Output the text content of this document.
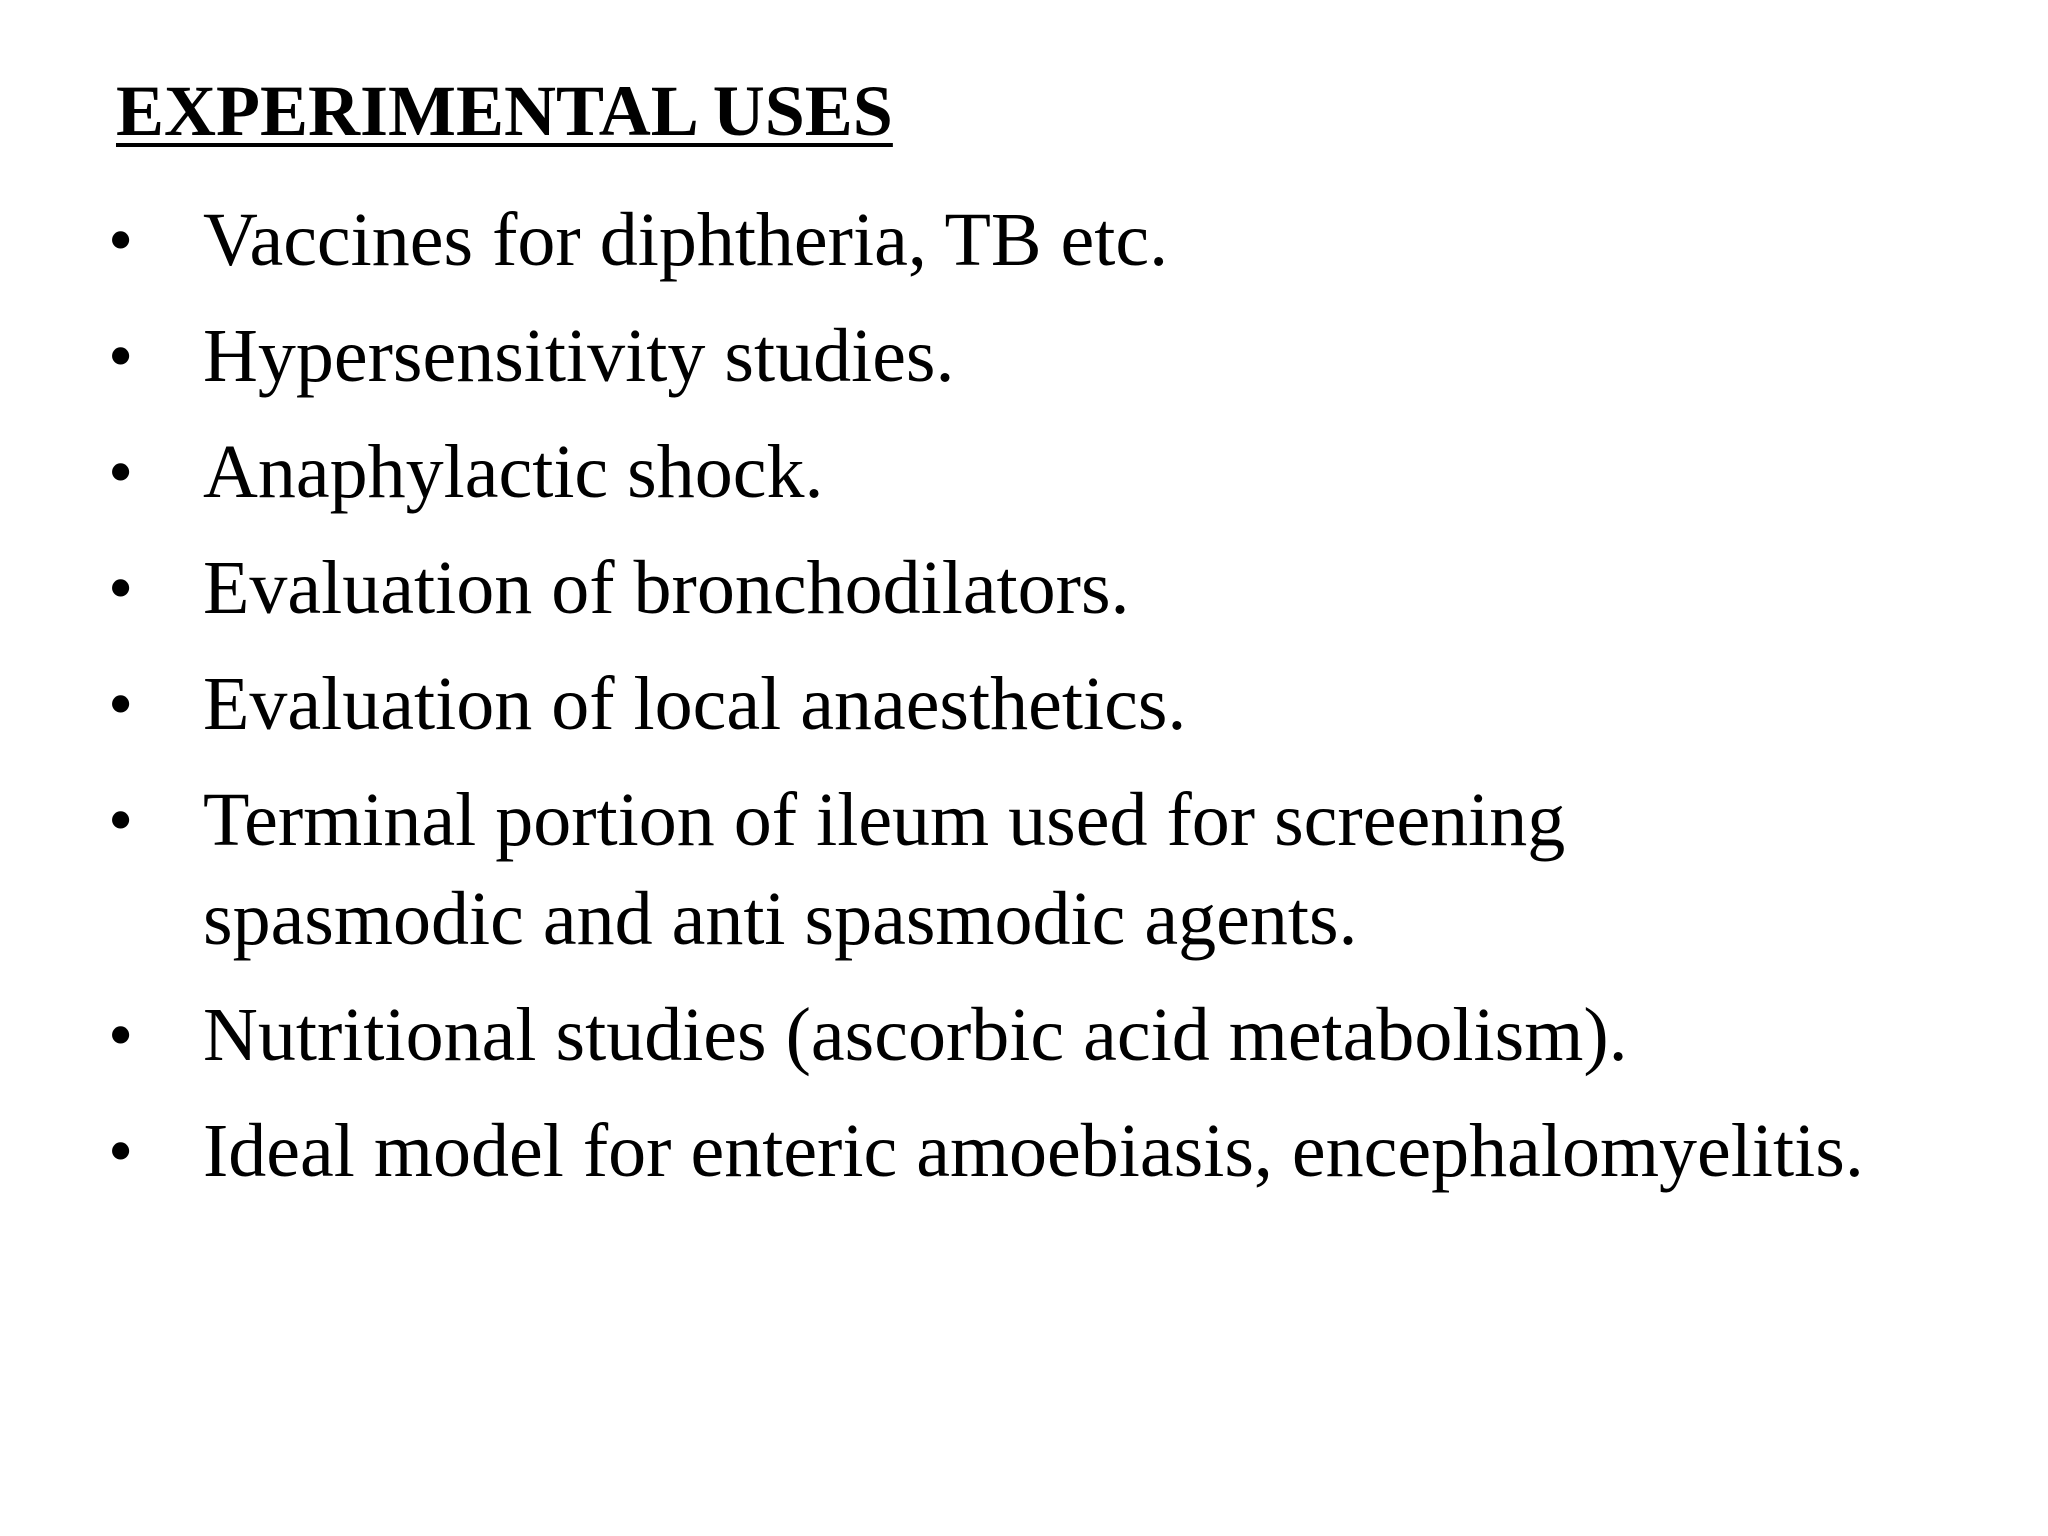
EXPERIMENTAL USES
• Vaccines for diphtheria, TB etc.
• Hypersensitivity studies.
• Anaphylactic shock.
• Evaluation of bronchodilators.
• Evaluation of local anaesthetics.
• Terminal portion of ileum used for screening
spasmodic and anti spasmodic agents.
• Nutritional studies (ascorbic acid metabolism).
• Ideal model for enteric amoebiasis, encephalomyelitis.
